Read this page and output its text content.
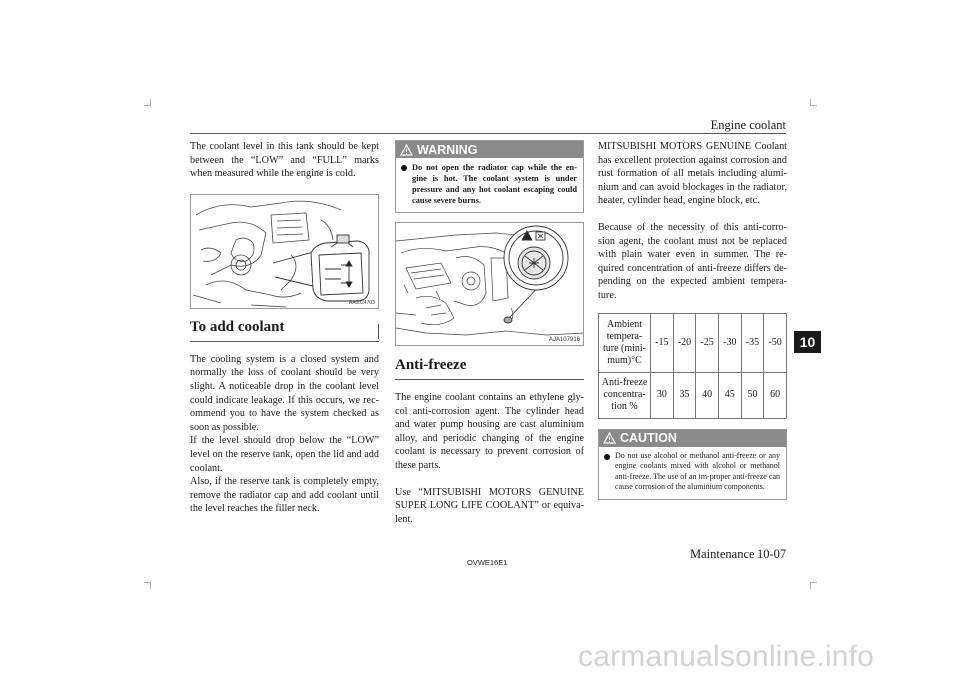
Engine coolant
10

The coolant level in this tank should be kept between the “LOW” and “FULL” marks when measured while the engine is cold.

AA0024703
To add coolant

The cooling system is a closed system and normally the loss of coolant should be very slight. A noticeable drop in the coolant level could indicate leakage. If this occurs, we rec-ommend you to have the system checked as soon as possible.

If the level should drop below the “LOW” level on the reserve tank, open the lid and add coolant.

Also, if the reserve tank is completely empty, remove the radiator cap and add coolant until the level reaches the filler neck.

WARNING
Do not open the radiator cap while the en-gine is hot. The coolant system is under pressure and any hot coolant escaping could cause severe burns.
AJA107916
Anti-freeze

The engine coolant contains an ethylene gly-col anti-corrosion agent. The cylinder head and water pump housing are cast aluminium alloy, and periodic changing of the engine coolant is necessary to prevent corrosion of these parts.

Use “MITSUBISHI MOTORS GENUINE SUPER LONG LIFE COOLANT” or equiva-lent.

MITSUBISHI MOTORS GENUINE Coolant has excellent protection against corrosion and rust formation of all metals including alumi-nium and can avoid blockages in the radiator, heater, cylinder head, engine block, etc.

Because of the necessity of this anti-corro-sion agent, the coolant must not be replaced with plain water even in summer. The re-quired concentration of anti-freeze differs de-pending on the expected ambient tempera-ture.

Ambient tempera-ture (mini-mum)°C	-15	-20	-25	-30	-35	-50
Anti-freeze concentra-tion %	30	35	40	45	50	60
CAUTION
Do not use alcohol or methanol anti-freeze or any engine coolants mixed with alcohol or methanol anti-freeze. The use of an im-proper anti-freeze can cause corrosion of the aluminium components.
OVWE16E1
Maintenance 10-07
carmanualsonline.info
